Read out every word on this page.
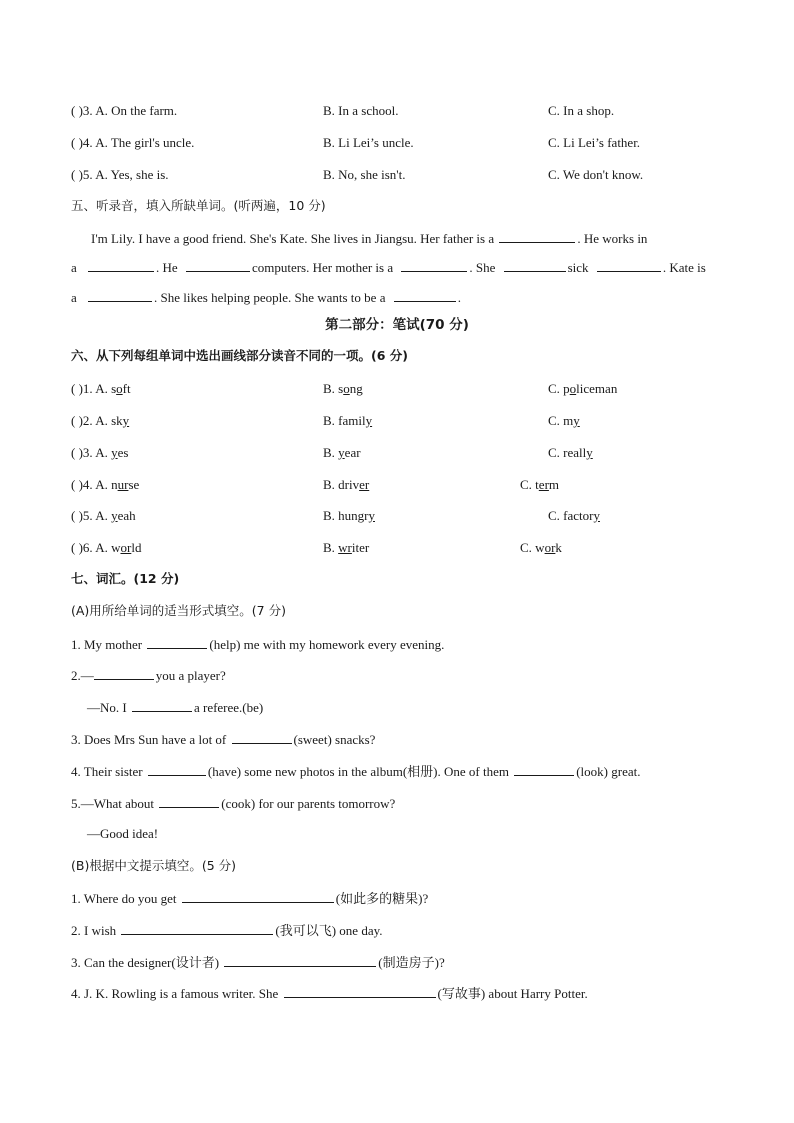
( )3. A. On the farm.	B. In a school.	C. In a shop.
( )4. A. The girl's uncle.	B. Li Lei’s uncle.	C. Li Lei’s father.
( )5. A. Yes, she is.	B. No, she isn't.	C. We don't know.
五、听录音，填入所缺单词。(听两遍，10 分)
I'm Lily. I have a good friend. She's Kate. She lives in Jiangsu. Her father is a	. He works in
a	. He	computers. Her mother is a	. She	sick	. Kate is
a	. She likes helping people. She wants to be a	.
第二部分：笔试(70 分)
六、从下列每组单词中选出画线部分读音不同的一项。(6 分)
( )1. A. soft	B. song	C. policeman
( )2. A. sky	B. family	C. my
( )3. A. yes	B. year	C. really
( )4. A. nurse	B. driver	C. term
( )5. A. yeah	B. hungry	C. factory
( )6. A. world	B. writer	C. work
七、词汇。(12 分)
(A)用所给单词的适当形式填空。(7 分)
1. My mother	(help) me with my homework every evening.
2.—	you a player?
—No. I	a referee.(be)
3. Does Mrs Sun have a lot of	(sweet) snacks?
4. Their sister	(have) some new photos in the album(相册). One of them	(look) great.
5.—What about	(cook) for our parents tomorrow?
—Good idea!
(B)根据中文提示填空。(5 分)
1. Where do you get	(如此多的糖果)?
2. I wish	(我可以飞) one day.
3. Can the designer(设计者)	(制造房子)?
4. J. K. Rowling is a famous writer. She	(写故事) about Harry Potter.
